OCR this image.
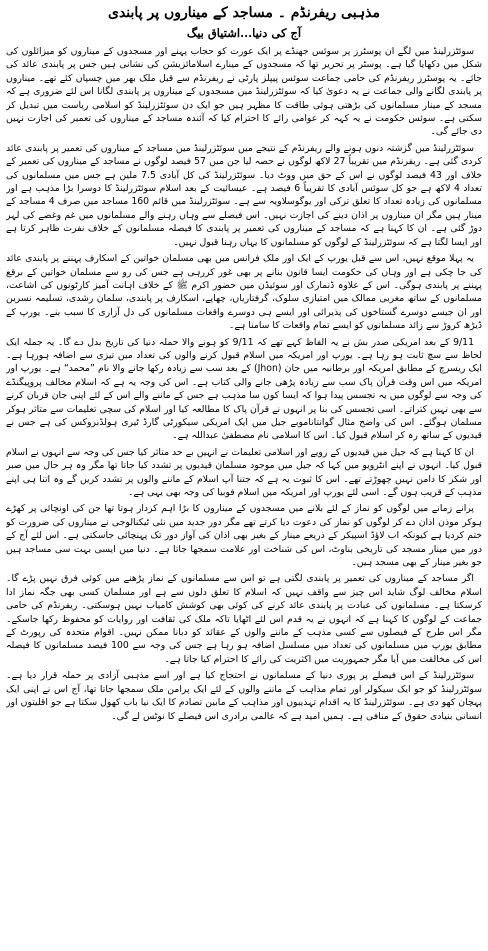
مذہبی ریفرنڈم ۔ مساجد کے میناروں پر پابندی
آج کی دنیا...اشتیاق بیگ

سوئٹزرلینڈ میں لگے ان پوسٹرز پر سوئس جھنڈے پر ایک عورت کو حجاب پہنے اور مسجدوں کے میناروں کو میزائلوں کی شکل میں دکھایا گیا ہے۔ پوسٹر پر تحریر تھا کہ مسجدوں کے مینارے اسلامائزیشن کی نشانی ہیں جس پر پابندی عائد کی جائے۔ یہ پوسٹرز ریفرنڈم کی حامی جماعت سوئس پیپلز پارٹی نے ریفرنڈم سے قبل ملک بھر میں چسپاں کئے تھے۔ میناروں پر پابندی لگانے والی جماعت نے یہ دعویٰ کیا کہ سوئٹزرلینڈ میں مسجدوں کے میناروں پر پابندی لگانا اس لئے ضروری ہے کہ مسجد کے مینار مسلمانوں کی بڑھتی ہوئی طاقت کا مظہر ہیں جو ایک دن سوئٹزرلینڈ کو اسلامی ریاست میں تبدیل کر سکتی ہے۔ سوئس حکومت نے یہ کہہ کر عوامی رائے کا احترام کیا کہ آئندہ مساجد کے میناروں کی تعمیر کی اجازت نہیں دی جائے گی۔

سوئٹزرلینڈ میں گزشتہ دنوں ہونے والے ریفرنڈم کے نتیجے میں سوئٹزرلینڈ میں مساجد کے میناروں کی تعمیر پر پابندی عائد کردی گئی ہے۔ ریفرنڈم میں تقریباً 27 لاکھ لوگوں نے حصہ لیا جن میں 57 فیصد لوگوں نے مساجد کے میناروں کی تعمیر کے خلاف اور 43 فیصد لوگوں نے اس کے حق میں ووٹ دیا۔ سوئٹزرلینڈ کی کل آبادی 7.5 ملین ہے جس میں مسلمانوں کی تعداد 4 لاکھ ہے جو کل سوئس آبادی کا تقریباً 6 فیصد ہے۔ عیسائیت کے بعد اسلام سوئٹزرلینڈ کا دوسرا بڑا مذہب ہے اور مسلمانوں کی زیادہ تعداد کا تعلق ترکی اور یوگوسلاویہ سے ہے۔ سوئٹزرلینڈ میں قائم 160 مساجد میں صرف 4 مساجد کے مینار ہیں مگر ان میناروں پر اذان دینے کی اجازت نہیں۔ اس فیصلے سے وہاں رہنے والے مسلمانوں میں غم وغصے کی لہر دوڑ گئی ہے۔ ان کا کہنا ہے کہ مساجد کے میناروں کی تعمیر پر پابندی کا فیصلہ مسلمانوں کے خلاف نفرت ظاہر کرتا ہے اور ایسا لگتا ہے کہ سوئٹزرلینڈ کے لوگوں کو مسلمانوں کا یہاں رہنا قبول نہیں۔

یہ پہلا موقع نہیں، اس سے قبل یورپ کے ایک اور ملک فرانس میں بھی مسلمان خواتین کے اسکارف پہننے پر پابندی عائد کی جا چکی ہے اور وہاں کی حکومت ایسا قانون بنانے پر بھی غور کررہی ہے جس کی رو سے مسلمان خواتین کے برقع پہننے پر پابندی ہوگی۔ اس کے علاوہ ڈنمارک اور سوئیڈن میں حضور اکرم ﷺ کے خلاف اہانت آمیز کارٹونوں کی اشاعت، مسلمانوں کے ساتھ مغربی ممالک میں امتیازی سلوک، گرفتاریاں، چھاپے، اسکارف پر پابندی، سلمان رشدی، تسلیمہ نسرین اور ان جیسے دوسرے گستاخوں کی پذیرائی اور ایسے ہی دوسرے واقعات مسلمانوں کی دل آزاری کا سبب بنے۔ یورپ کے ڈیڑھ کروڑ سے زائد مسلمانوں کو ایسے تمام واقعات کا سامنا ہے۔

9/11 کے بعد امریکی صدر بش نے یہ الفاظ کہے تھے کہ 9/11 کو ہونے والا حملہ دنیا کی تاریخ بدل دے گا۔ یہ جملہ ایک لحاظ سے سچ ثابت ہو رہا ہے۔ یورپ اور امریکہ میں اسلام قبول کرنے والوں کی تعداد میں تیزی سے اضافہ ہورہا ہے۔ ایک ریسرچ کے مطابق امریکہ اور برطانیہ میں جان (Jhon) کے بعد سب سے زیادہ رکھا جانے والا نام ”محمد“ ہے۔ یورپ اور امریکہ میں اس وقت قرآن پاک سب سے زیادہ پڑھی جانے والی کتاب ہے۔ اس کی وجہ یہ ہے کہ اسلام مخالف پروپیگنڈے کی وجہ سے لوگوں میں یہ تجسس پیدا ہوا کہ ایسا کون سا مذہب ہے جس کے ماننے والے اس کے لئے اپنی جان قربان کرنے سے بھی نہیں کتراتے۔ اسی تجسس کی بنا پر انہوں نے قرآن پاک کا مطالعہ کیا اور اسلام کی سچی تعلیمات سے متاثر ہوکر مسلمان ہوگئے۔ اس کی واضح مثال گوانتاناموبے جیل میں ایک امریکی سیکورٹی گارڈ ٹیری ہولڈبروکس کی ہے جس نے قیدیوں کے ساتھ رہ کر اسلام قبول کیا۔ اس کا اسلامی نام مصطفیٰ عبداللہ ہے۔

ان کا کہنا ہے کہ جیل میں قیدیوں کے رویے اور اسلامی تعلیمات نے انہیں بے حد متاثر کیا جس کی وجہ سے انہوں نے اسلام قبول کیا۔ انہوں نے اپنے انٹرویو میں کہا کہ جیل میں موجود مسلمان قیدیوں پر تشدد کیا جاتا تھا مگر وہ ہر حال میں صبر اور شکر کا دامن نہیں چھوڑتے تھے۔ اس کا ثبوت یہ ہے کہ جتنا آپ اسلام کے ماننے والوں پر تشدد کریں گے وہ اتنا ہی اپنے مذہب کے قریب ہوں گے۔ اسی لئے یورپ اور امریکہ میں اسلام فوبیا کی وجہ بھی یہی ہے۔

پرانے زمانے میں لوگوں کو نماز کے لئے بلانے میں مسجدوں کے میناروں کا بڑا اہم کردار ہوتا تھا جن کی اونچائی پر کھڑے ہوکر موذن اذان دے کر لوگوں کو نماز کی دعوت دیا کرتے تھے مگر دور جدید میں نئی ٹیکنالوجی نے میناروں کی ضرورت کو ختم کردیا ہے کیونکہ اب لاؤڈ اسپیکر کے ذریعے مینار کے بغیر بھی اذان کی آواز دور تک پہنچائی جاسکتی ہے۔ اس لئے آج کے دور میں مینار مسجد کی تاریخی بناوٹ، اس کی شناخت اور علامت سمجھا جاتا ہے۔ دنیا میں ایسی بہت سی مساجد ہیں جو بغیر مینار کے بھی مسجد ہیں۔

اگر مساجد کے میناروں کی تعمیر پر پابندی لگتی ہے تو اس سے مسلمانوں کے نماز پڑھنے میں کوئی فرق نہیں پڑے گا۔ اسلام مخالف لوگ شاید اس چیز سے واقف نہیں کہ اسلام کا تعلق دلوں سے ہے اور مسلمان کسی بھی جگہ نماز ادا کرسکتا ہے۔ مسلمانوں کی عبادت پر پابندی عائد کرنے کی کوئی بھی کوشش کامیاب نہیں ہوسکتی۔ ریفرنڈم کی حامی جماعت کے لوگوں کا کہنا ہے کہ انہوں نے یہ قدم اس لئے اٹھایا تاکہ ملک کی ثقافت اور روایات کو محفوظ رکھا جاسکے۔ مگر اس طرح کے فیصلوں سے کسی مذہب کے ماننے والوں کے عقائد کو دبانا ممکن نہیں۔ اقوام متحدہ کی رپورٹ کے مطابق یورپ میں مسلمانوں کی تعداد میں مسلسل اضافہ ہو رہا ہے جس کی وجہ سے 100 فیصد مسلمانوں کا فیصلہ اس کی مخالفت میں آیا مگر جمہوریت میں اکثریت کی رائے کا احترام کیا جاتا ہے۔

سوئٹزرلینڈ کے اس فیصلے پر پوری دنیا کے مسلمانوں نے احتجاج کیا ہے اور اسے مذہبی آزادی پر حملہ قرار دیا ہے۔ سوئٹزرلینڈ کو جو ایک سیکولر اور تمام مذاہب کے ماننے والوں کے لئے ایک پرامن ملک سمجھا جاتا تھا، آج اس نے اپنی ایک پہچان کھو دی ہے۔ سوئٹزرلینڈ کا یہ اقدام تہذیبوں اور مذاہب کے مابین تصادم کا ایک نیا باب کھول سکتا ہے جو اقلیتوں اور انسانی بنیادی حقوق کے منافی ہے۔ ہمیں امید ہے کہ عالمی برادری اس فیصلے کا نوٹس لے گی۔
